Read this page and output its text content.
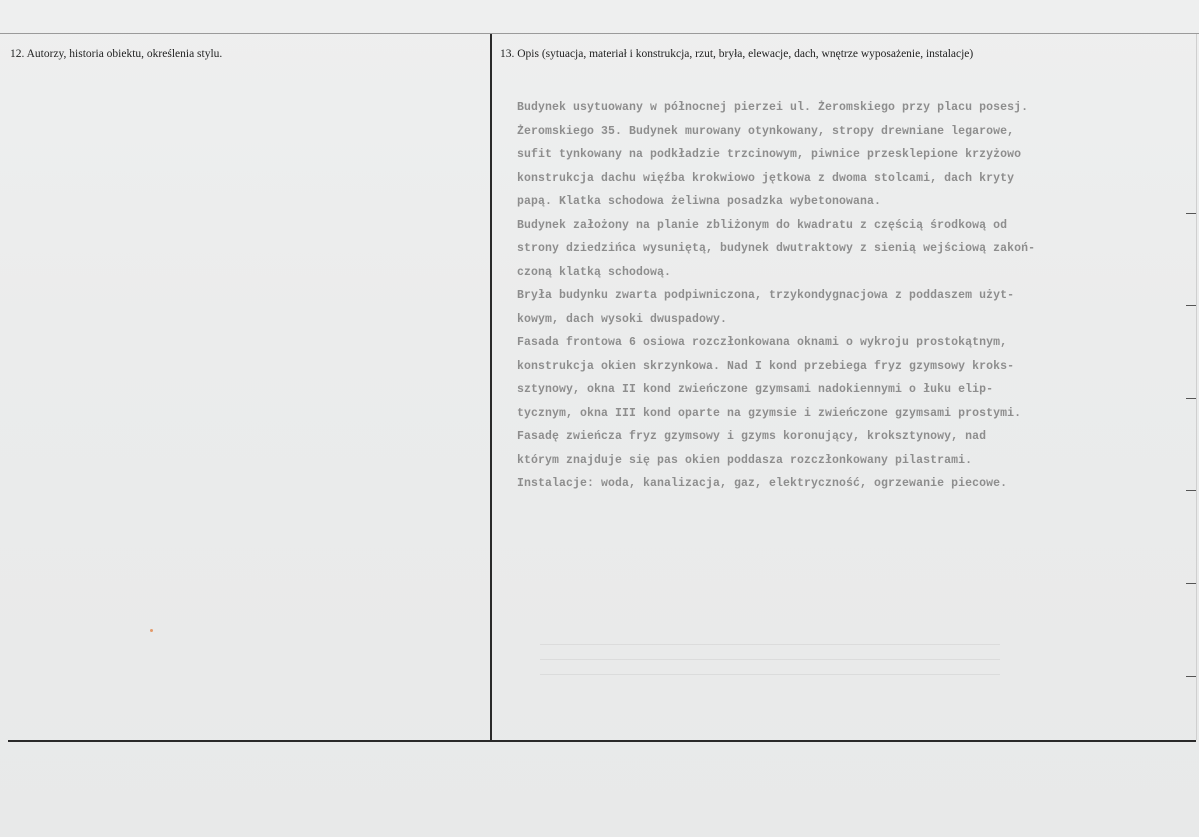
12. Autorzy, historia obiektu, określenia stylu.	13. Opis (sytuacja, materiał i konstrukcja, rzut, bryła, elewacje, dach, wnętrze wyposażenie, instalacje)
Budynek usytuowany w północnej pierzei ul. Żeromskiego przy placu posesj.
Żeromskiego 35. Budynek murowany otynkowany, stropy drewniane legarowe,
sufit tynkowany na podkładzie trzcinowym, piwnice przesklepione krzyżowo
konstrukcja dachu więźba krokwiowo jętkowa z dwoma stolcami, dach kryty
papą. Klatka schodowa żeliwna posadzka wybetonowana.
Budynek założony na planie zbliżonym do kwadratu z częścią środkową od
strony dziedzińca wysuniętą, budynek dwutraktowy z sienią wejściową zakoń-
czoną klatką schodową.
Bryła budynku zwarta podpiwniczona, trzykondygnacjowa z poddaszem użyt-
kowym, dach wysoki dwuspadowy.
Fasada frontowa 6 osiowa rozczłonkowana oknami o wykroju prostokątnym,
konstrukcja okien skrzynkowa. Nad I kond przebiega fryz gzymsowy kroks-
sztynowy, okna II kond zwieńczone gzymsami nadokiennymi o łuku elip-
tycznym, okna III kond oparte na gzymsie i zwieńczone gzymsami prostymi.
Fasadę zwieńcza fryz gzymsowy i gzyms koronujący, kroksztynowy, nad
którym znajduje się pas okien poddasza rozczłonkowany pilastrami.
Instalacje: woda, kanalizacja, gaz, elektryczność, ogrzewanie piecowe.
